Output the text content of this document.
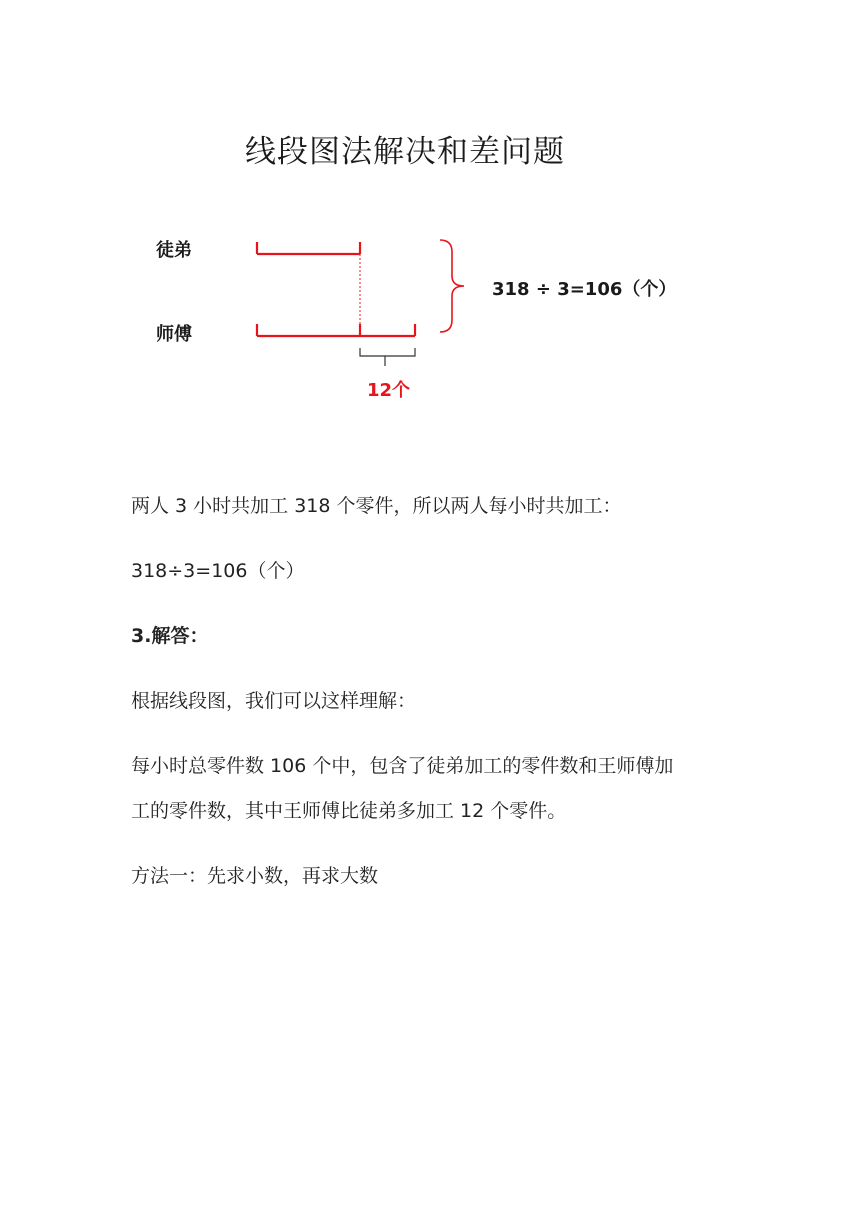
线段图法解决和差问题
徒弟
师傅
318 ÷ 3=106（个）
12个
两人 3 小时共加工 318 个零件，所以两人每小时共加工：
318÷3=106（个）
3.解答：
根据线段图，我们可以这样理解：
每小时总零件数 106 个中，包含了徒弟加工的零件数和王师傅加
工的零件数，其中王师傅比徒弟多加工 12 个零件。
方法一：先求小数，再求大数
